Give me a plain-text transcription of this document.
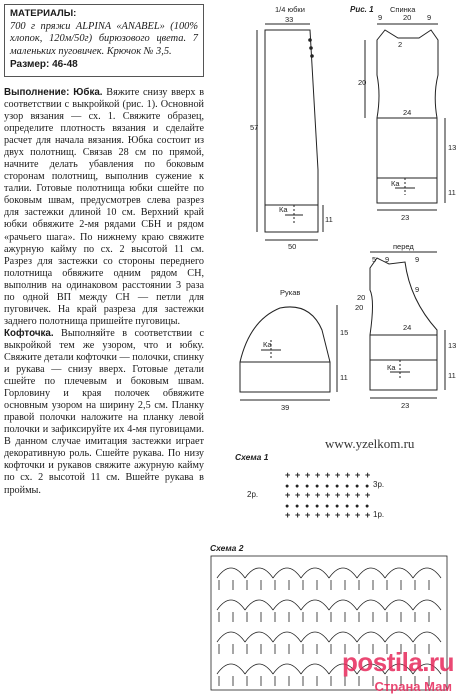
МАТЕРИАЛЫ:
700 г пряжи ALPINA «ANABEL» (100% хлопок, 120м/50г) бирюзового цвета. 7 маленьких пуговичек. Крючок № 3,5.
Размер: 46-48

Выполнение: Юбка. Вяжите снизу вверх в соответствии с выкройкой (рис. 1). Основной узор вязания — сх. 1. Свяжите образец, определите плотность вязания и сделайте расчет для начала вязания. Юбка состоит из двух полотнищ. Связав 28 см по прямой, начните делать убавления по боковым сторонам полотнищ, выполнив сужение к талии. Готовые полотнища юбки сшейте по боковым швам, предусмотрев слева разрез для застежки длиной 10 см. Верхний край юбки обвяжите 2-мя рядами СБН и рядом «рачьего шага». По нижнему краю свяжите ажурную кайму по сх. 2 высотой 11 см. Разрез для застежки со стороны переднего полотнища обвяжите одним рядом СН, выполнив на одинаковом расстоянии 3 раза по одной ВП между СН — петли для пуговичек. На край разреза для застежки заднего полотнища пришейте пуговицы.

Кофточка. Выполняйте в соответствии с выкройкой тем же узором, что и юбку. Свяжите детали кофточки — полочки, спинку и рукава — снизу вверх. Готовые детали сшейте по плечевым и боковым швам. Горловину и края полочек обвяжите основным узором на ширину 2,5 см. Планку правой полочки наложите на планку левой полочки и зафиксируйте их 4-мя пуговицами. В данном случае имитация застежки играет декоративную роль. Сшейте рукава. По низу кофточки и рукавов свяжите ажурную кайму по сх. 2 высотой 11 см. Вшейте рукава в проймы.

1/4 юбки
33
57
50
11
Ка
Рис. 1 Спинка
9	20 9
2
20
24
13
11
23
Ка
перед
5 9	9
9
24
13
11
23
20
Ка
Рукав
15
20
11
39
Ка
Схема 1
2р.
3р.
1р.
+ + + + + + + + +
● ● ● ● ● ● ● ● ●
+ + + + + + + + +
● ● ● ● ● ● ● ● ●
+ + + + + + + + +
Схема 2
www.yzelkom.ru
postila.ru
Страна Мам
